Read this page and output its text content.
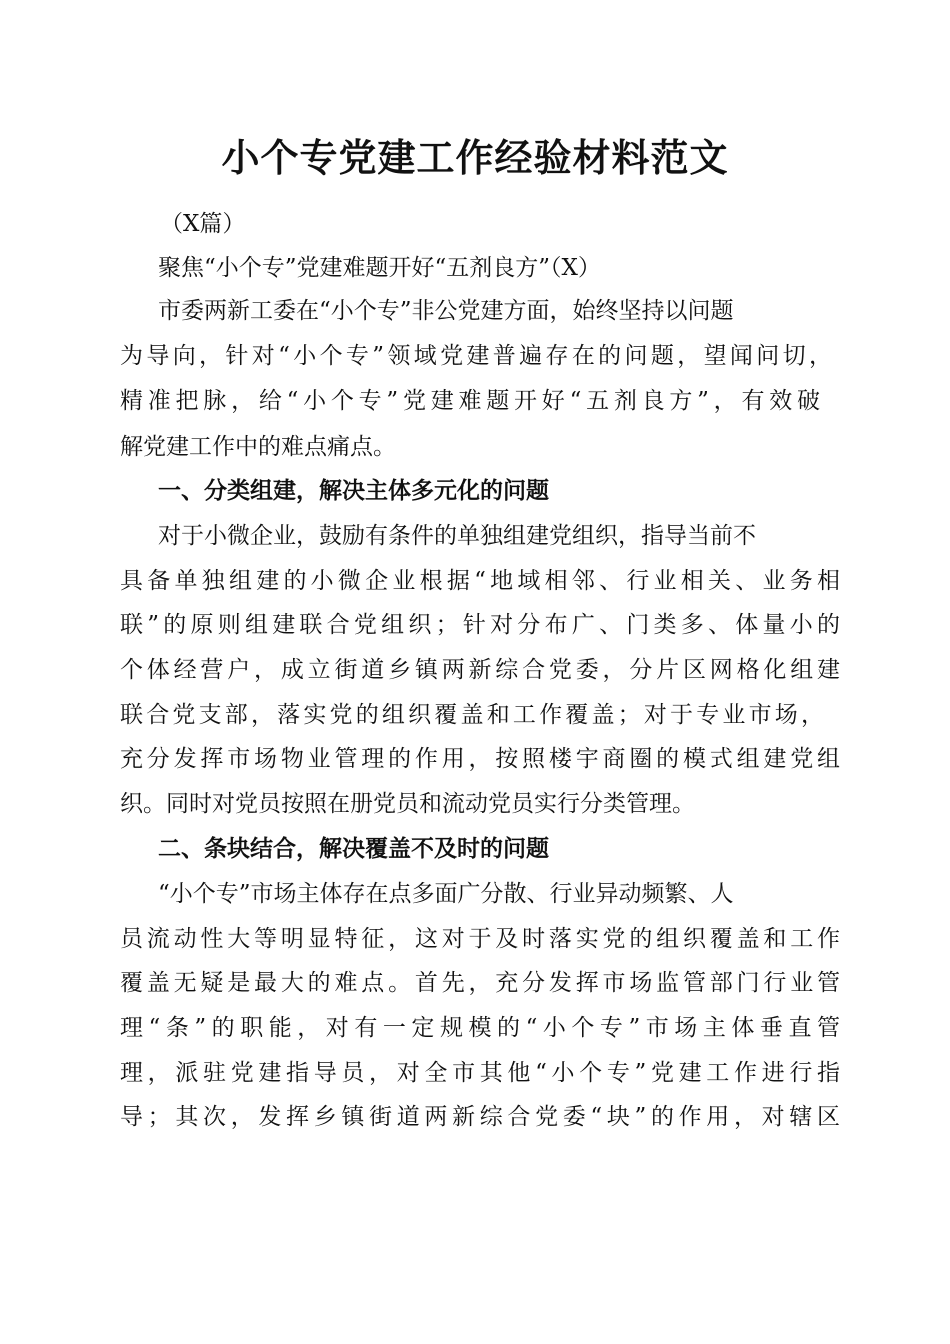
小个专党建工作经验材料范文

（X篇）

聚焦“小个专”党建难题开好“五剂良方”（X）

市委两新工委在“小个专”非公党建方面，始终坚持以问题

为导向，针对“小个专”领域党建普遍存在的问题，望闻问切，

精准把脉，给“小个专”党建难题开好“五剂良方”，有效破

解党建工作中的难点痛点。

一、分类组建，解决主体多元化的问题

对于小微企业，鼓励有条件的单独组建党组织，指导当前不

具备单独组建的小微企业根据“地域相邻、行业相关、业务相

联”的原则组建联合党组织；针对分布广、门类多、体量小的

个体经营户，成立街道乡镇两新综合党委，分片区网格化组建

联合党支部，落实党的组织覆盖和工作覆盖；对于专业市场，

充分发挥市场物业管理的作用，按照楼宇商圈的模式组建党组

织。同时对党员按照在册党员和流动党员实行分类管理。

二、条块结合，解决覆盖不及时的问题

“小个专”市场主体存在点多面广分散、行业异动频繁、人

员流动性大等明显特征，这对于及时落实党的组织覆盖和工作

覆盖无疑是最大的难点。首先，充分发挥市场监管部门行业管

理“条”的职能，对有一定规模的“小个专”市场主体垂直管

理，派驻党建指导员，对全市其他“小个专”党建工作进行指

导；其次，发挥乡镇街道两新综合党委“块”的作用，对辖区
